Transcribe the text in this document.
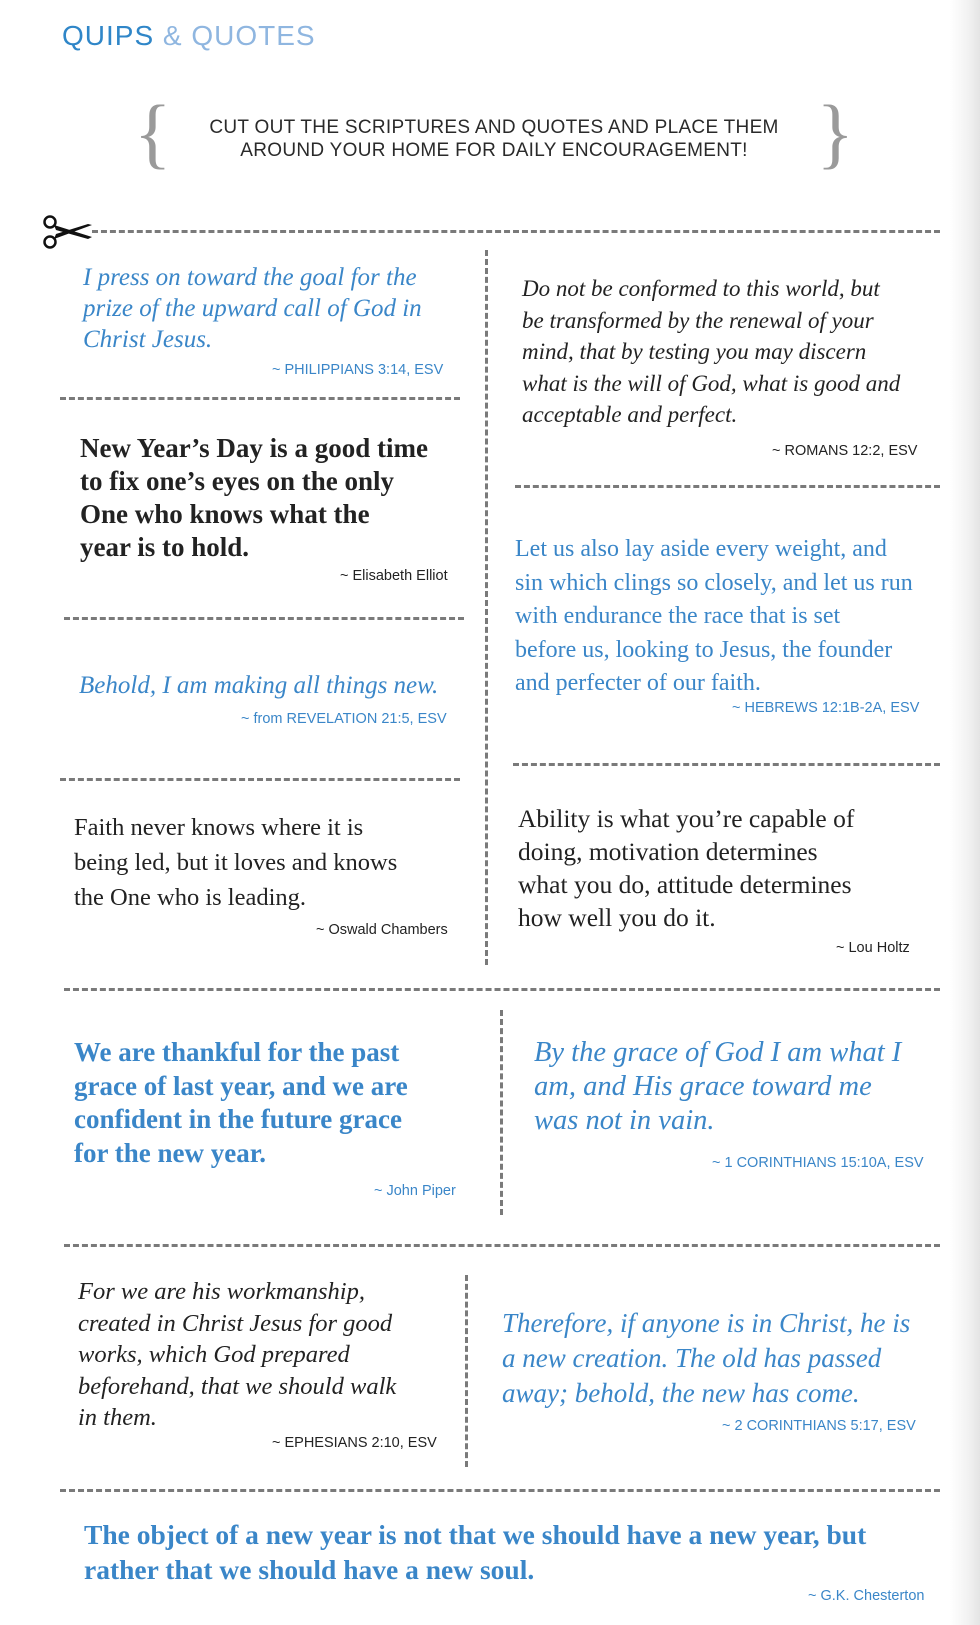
QUIPS & QUOTES
{	CUT OUT THE SCRIPTURES AND QUOTES AND PLACE THEM
AROUND YOUR HOME FOR DAILY ENCOURAGEMENT! }
I press on toward the goal for the
prize of the upward call of God in
Christ Jesus.
~ PHILIPPIANS 3:14, ESV
Do not be conformed to this world, but
be transformed by the renewal of your
mind, that by testing you may discern
what is the will of God, what is good and
acceptable and perfect.
~ ROMANS 12:2, ESV
New Year’s Day is a good time
to fix one’s eyes on the only
One who knows what the
year is to hold.
~ Elisabeth Elliot
Let us also lay aside every weight, and
sin which clings so closely, and let us run
with endurance the race that is set
before us, looking to Jesus, the founder
and perfecter of our faith.
~ HEBREWS 12:1B-2A, ESV
Behold, I am making all things new.
~ from REVELATION 21:5, ESV
Faith never knows where it is
being led, but it loves and knows
the One who is leading.
~ Oswald Chambers
Ability is what you’re capable of
doing, motivation determines
what you do, attitude determines
how well you do it.
~ Lou Holtz
We are thankful for the past
grace of last year, and we are
confident in the future grace
for the new year.
~ John Piper
By the grace of God I am what I
am, and His grace toward me
was not in vain.
~ 1 CORINTHIANS 15:10A, ESV
For we are his workmanship,
created in Christ Jesus for good
works, which God prepared
beforehand, that we should walk
in them.
~ EPHESIANS 2:10, ESV
Therefore, if anyone is in Christ, he is
a new creation. The old has passed
away; behold, the new has come.
~ 2 CORINTHIANS 5:17, ESV
The object of a new year is not that we should have a new year, but
rather that we should have a new soul.
~ G.K. Chesterton
